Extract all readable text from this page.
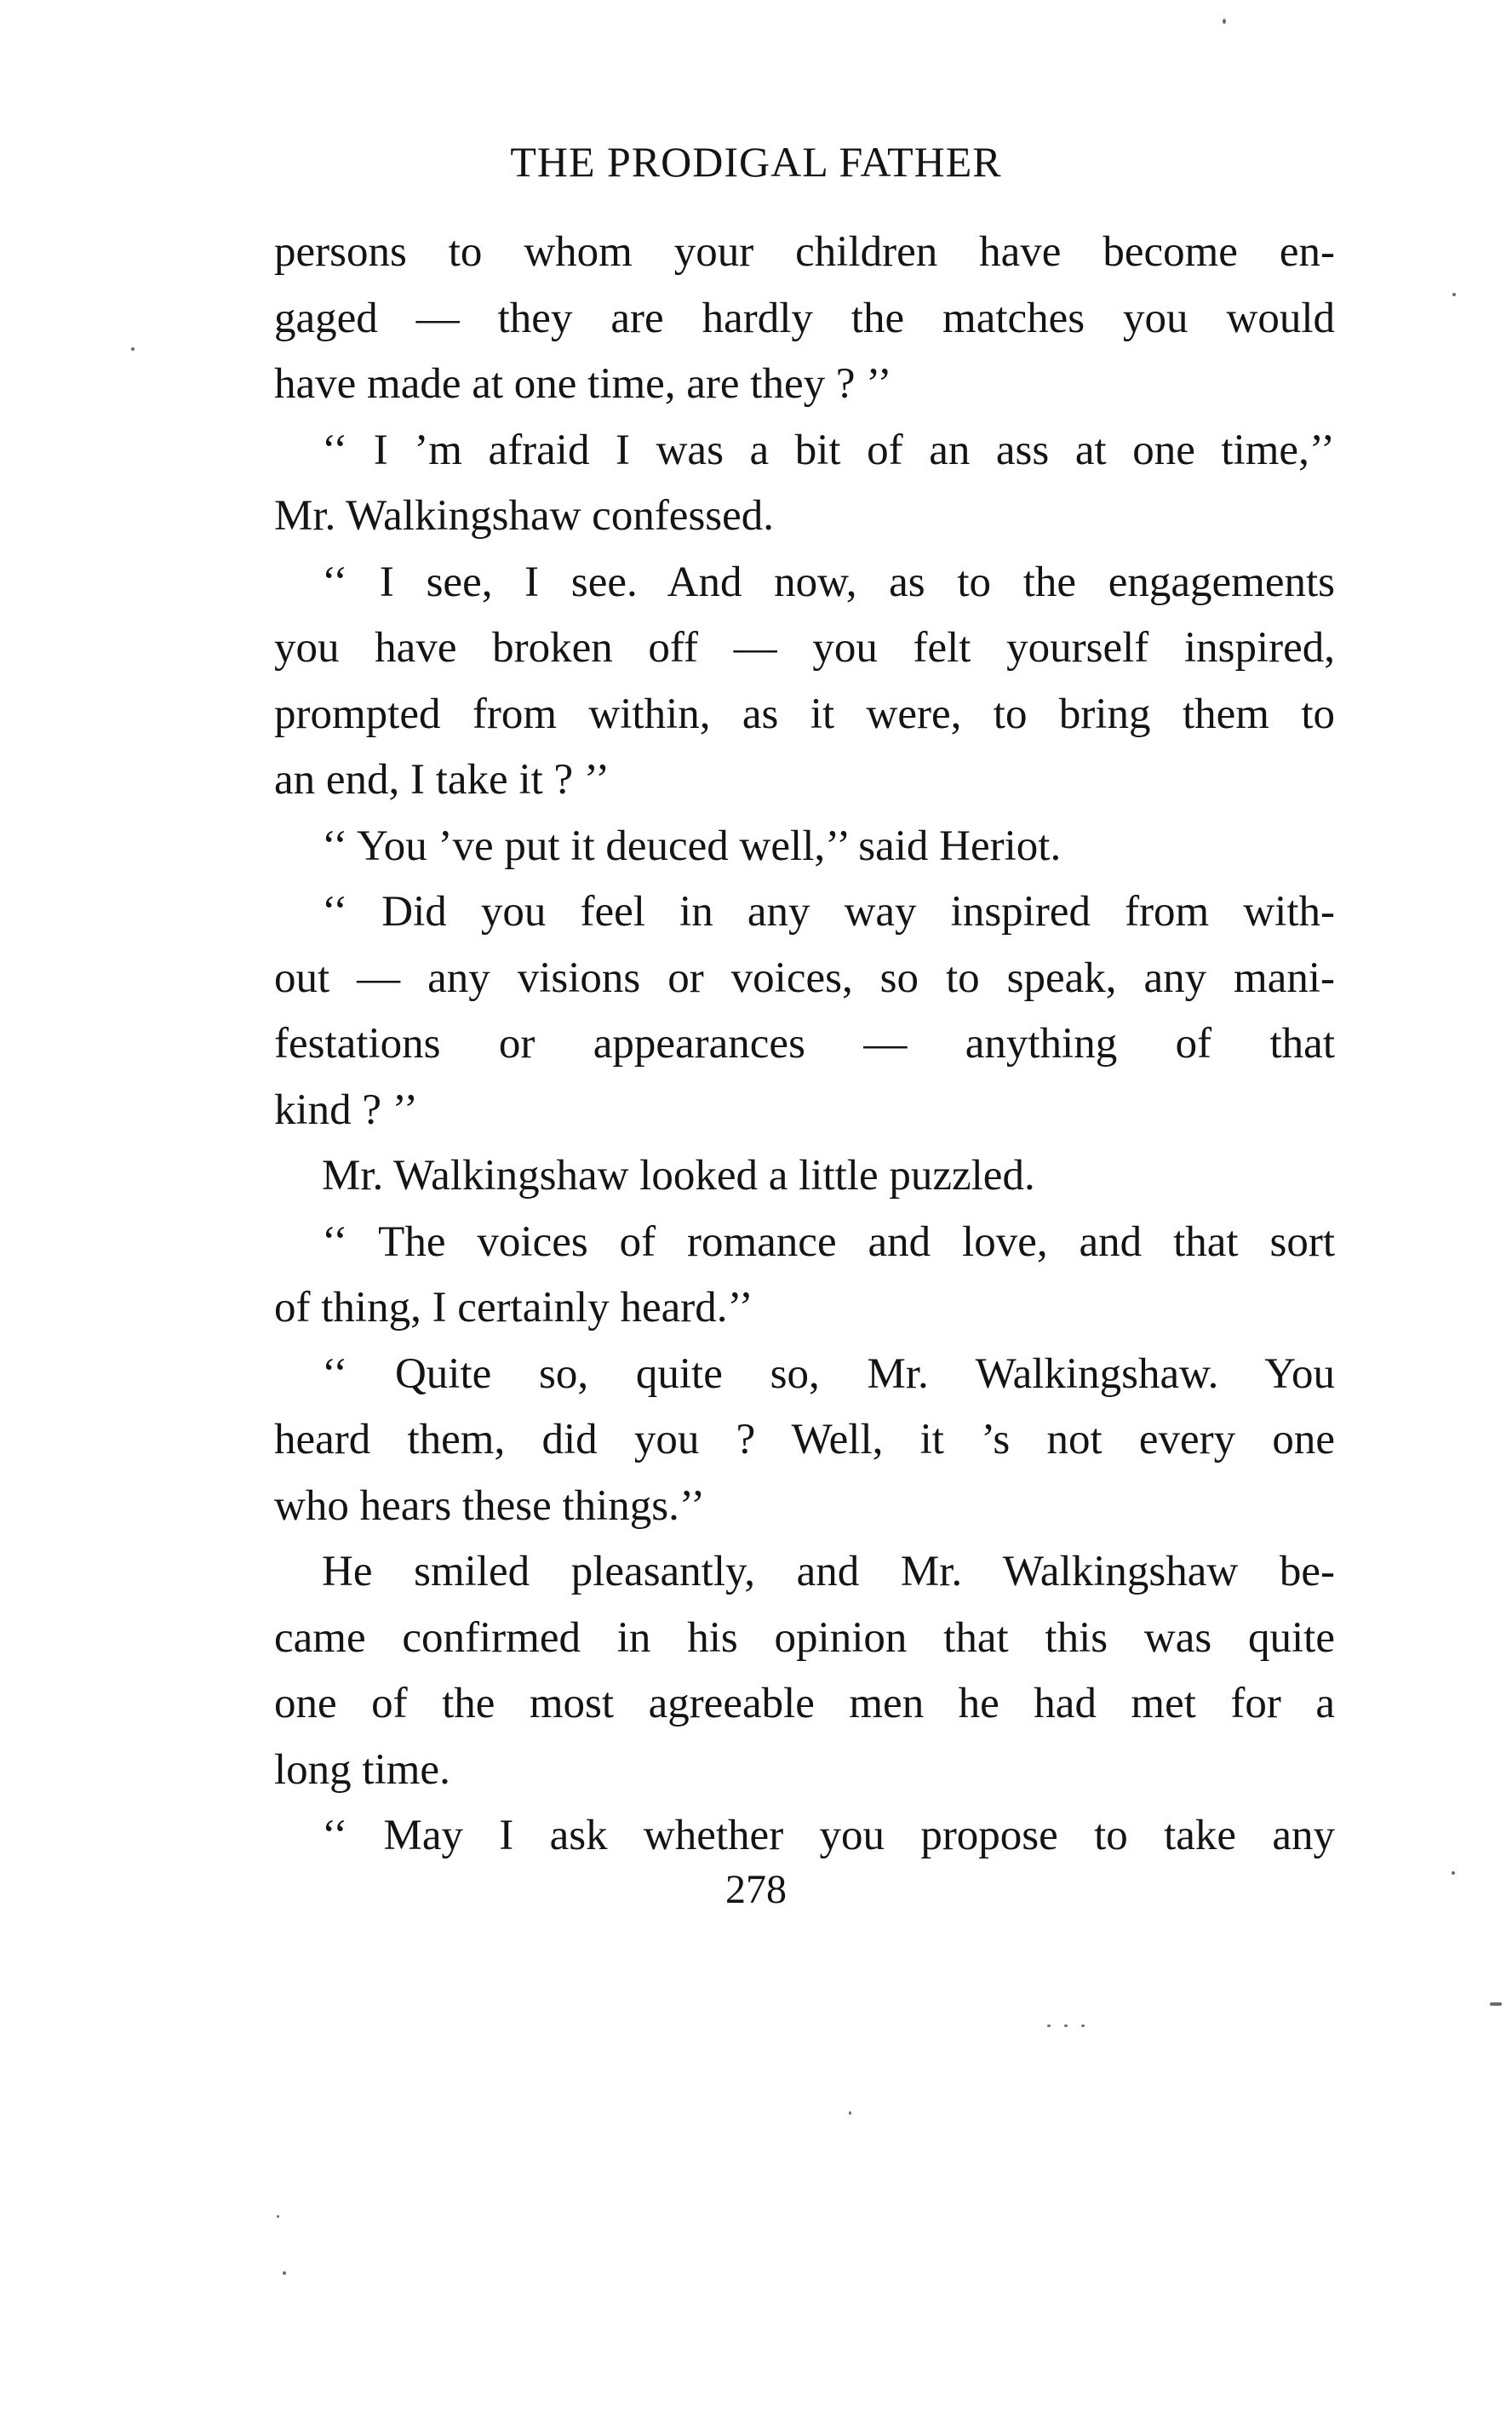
THE PRODIGAL FATHER
persons to whom your children have become en-
gaged — they are hardly the matches you would
have made at one time, are they ? ’’
‘‘ I ’m afraid I was a bit of an ass at one time,’’
Mr. Walkingshaw confessed.
‘‘ I see, I see. And now, as to the engagements
you have broken off — you felt yourself inspired,
prompted from within, as it were, to bring them to
an end, I take it ? ’’
‘‘ You ’ve put it deuced well,’’ said Heriot.
‘‘ Did you feel in any way inspired from with-
out — any visions or voices, so to speak, any mani-
festations or appearances — anything of that
kind ? ’’
Mr. Walkingshaw looked a little puzzled.
‘‘ The voices of romance and love, and that sort
of thing, I certainly heard.’’
‘‘ Quite so, quite so, Mr. Walkingshaw. You
heard them, did you ? Well, it ’s not every one
who hears these things.’’
He smiled pleasantly, and Mr. Walkingshaw be-
came confirmed in his opinion that this was quite
one of the most agreeable men he had met for a
long time.
‘‘ May I ask whether you propose to take any
278
